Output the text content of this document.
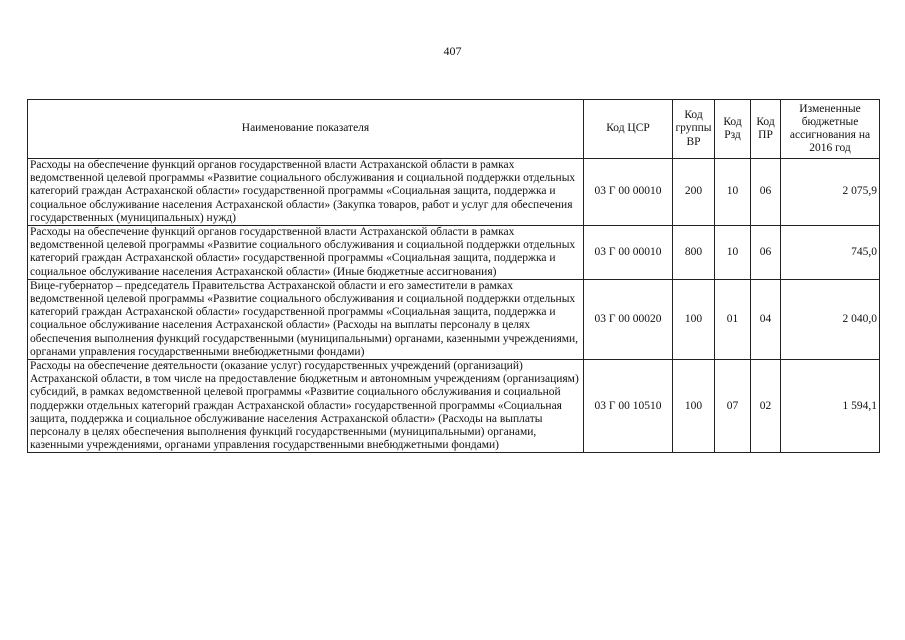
407
Наименование показателя	Код ЦСР	Код группы ВР	Код Рзд	Код ПР	Измененные бюджетные ассигнования на 2016 год
Расходы на обеспечение функций органов государственной власти Астраханской области в рамках ведомственной целевой программы «Развитие социального обслуживания и социальной поддержки отдельных категорий граждан Астраханской области» государственной программы «Социальная защита, поддержка и социальное обслуживание населения Астраханской области» (Закупка товаров, работ и услуг для обеспечения государственных (муниципальных) нужд)	03 Г 00 00010	200	10	06	2 075,9
Расходы на обеспечение функций органов государственной власти Астраханской области в рамках ведомственной целевой программы «Развитие социального обслуживания и социальной поддержки отдельных категорий граждан Астраханской области» государственной программы «Социальная защита, поддержка и социальное обслуживание населения Астраханской области» (Иные бюджетные ассигнования)	03 Г 00 00010	800	10	06	745,0
Вице-губернатор – председатель Правительства Астраханской области и его заместители в рамках ведомственной целевой программы «Развитие социального обслуживания и социальной поддержки отдельных категорий граждан Астраханской области» государственной программы «Социальная защита, поддержка и социальное обслуживание населения Астраханской области» (Расходы на выплаты персоналу в целях обеспечения выполнения функций государственными (муниципальными) органами, казенными учреждениями, органами управления государственными внебюджетными фондами)	03 Г 00 00020	100	01	04	2 040,0
Расходы на обеспечение деятельности (оказание услуг) государственных учреждений (организаций) Астраханской области, в том числе на предоставление бюджетным и автономным учреждениям (организациям) субсидий, в рамках ведомственной целевой программы «Развитие социального обслуживания и социальной поддержки отдельных категорий граждан Астраханской области» государственной программы «Социальная защита, поддержка и социальное обслуживание населения Астраханской области» (Расходы на выплаты персоналу в целях обеспечения выполнения функций государственными (муниципальными) органами, казенными учреждениями, органами управления государственными внебюджетными фондами)	03 Г 00 10510	100	07	02	1 594,1
